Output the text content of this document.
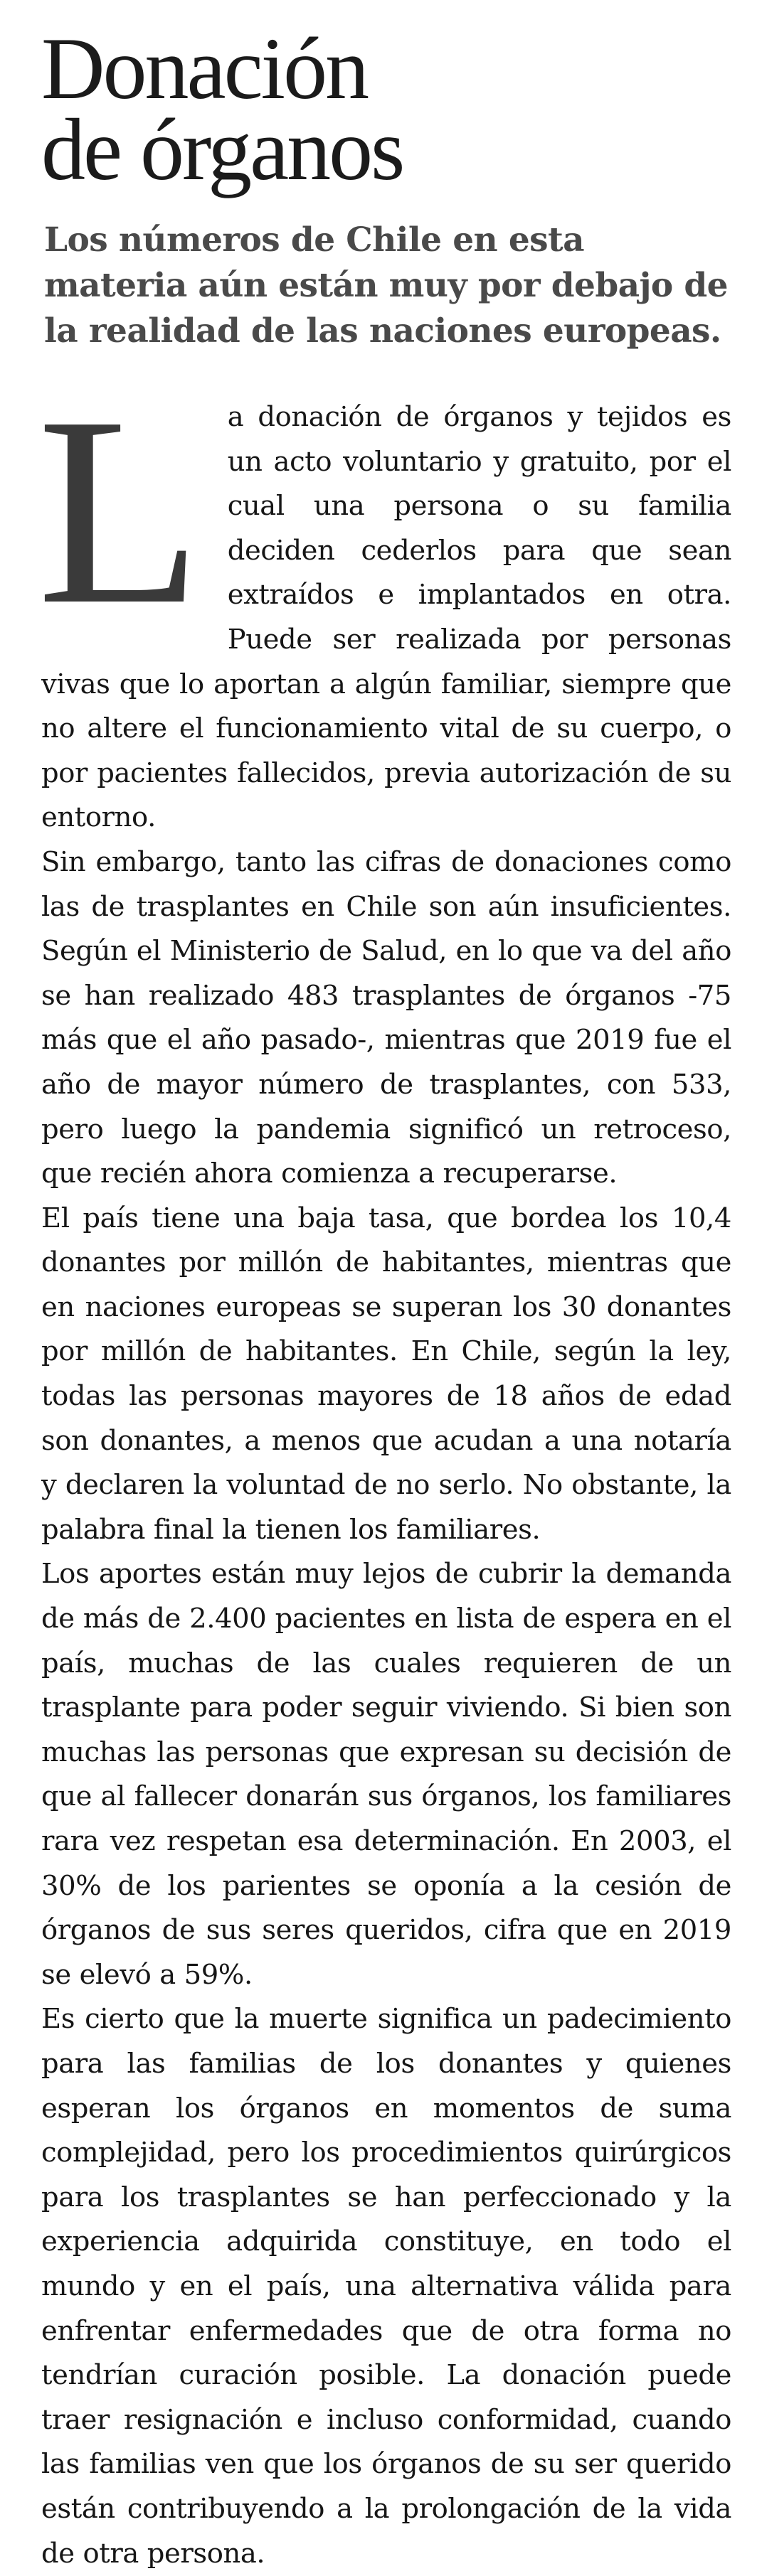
Donación
de órganos

Los números de Chile en esta materia aún están muy por debajo de la realidad de las naciones europeas.

L a donación de órganos y tejidos es un acto voluntario y gratuito, por el cual una persona o su familia deciden cederlos para que sean extraídos e implantados en otra. Puede ser realizada por personas vivas que lo aportan a algún familiar, siempre que no altere el funcionamiento vital de su cuerpo, o por pacientes fallecidos, previa autorización de su entorno.

Sin embargo, tanto las cifras de donaciones como las de trasplantes en Chile son aún insuficientes. Según el Ministerio de Salud, en lo que va del año se han realizado 483 trasplantes de órganos -75 más que el año pasado-, mientras que 2019 fue el año de mayor número de trasplantes, con 533, pero luego la pandemia significó un retroceso, que recién ahora comienza a recuperarse.

El país tiene una baja tasa, que bordea los 10,4 donantes por millón de habitantes, mientras que en naciones europeas se superan los 30 donantes por millón de habitantes. En Chile, según la ley, todas las personas mayores de 18 años de edad son donantes, a menos que acudan a una notaría y declaren la voluntad de no serlo. No obstante, la palabra final la tienen los familiares.

Los aportes están muy lejos de cubrir la demanda de más de 2.400 pacientes en lista de espera en el país, muchas de las cuales requieren de un trasplante para poder seguir viviendo. Si bien son muchas las personas que expresan su decisión de que al fallecer donarán sus órganos, los familiares rara vez respetan esa determinación. En 2003, el 30% de los parientes se oponía a la cesión de órganos de sus seres queridos, cifra que en 2019 se elevó a 59%.

Es cierto que la muerte significa un padecimiento para las familias de los donantes y quienes esperan los órganos en momentos de suma complejidad, pero los procedimientos quirúrgicos para los trasplantes se han perfeccionado y la experiencia adquirida constituye, en todo el mundo y en el país, una alternativa válida para enfrentar enfermedades que de otra forma no tendrían curación posible. La donación puede traer resignación e incluso conformidad, cuando las familias ven que los órganos de su ser querido están contribuyendo a la prolongación de la vida de otra persona.
